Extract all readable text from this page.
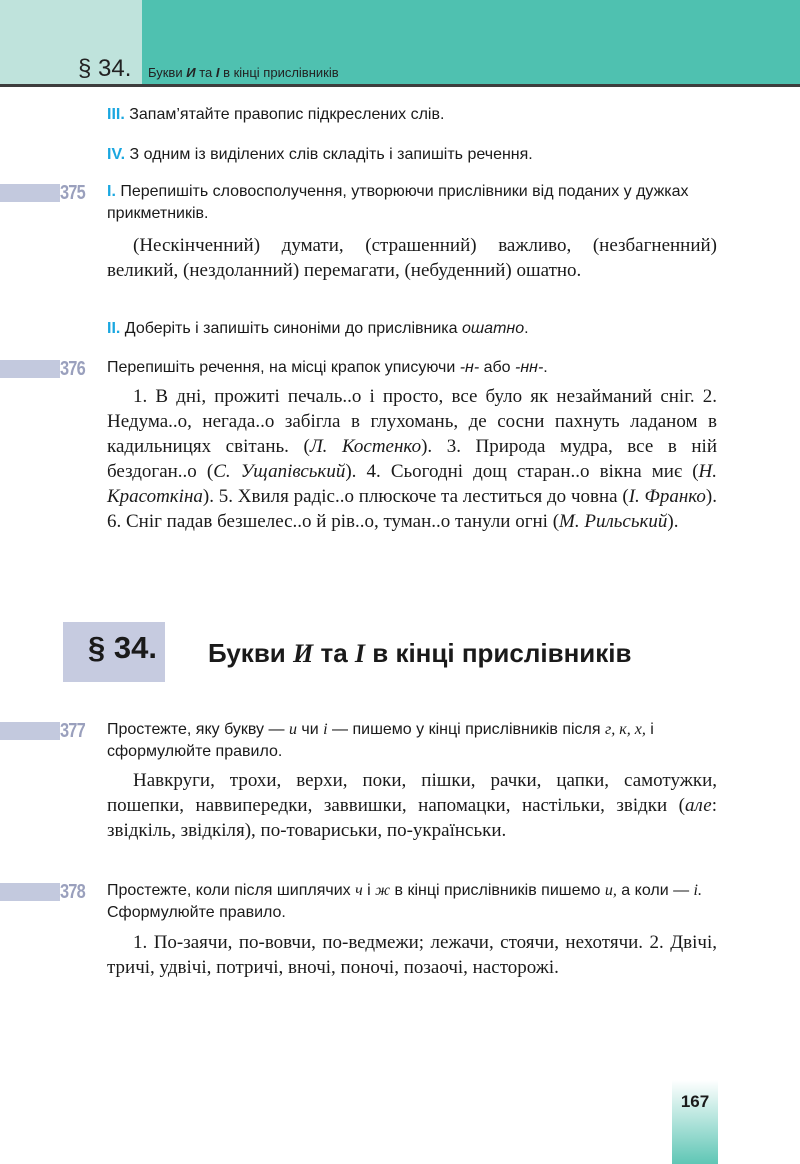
§ 34. Букви И та І в кінці прислівників

III. Запам’ятайте правопис підкреслених слів.

IV. З одним із виділених слів складіть і запишіть речення.

375 І. Перепишіть словосполучення, утворюючи прислівники від поданих у дужках прикметників.

(Нескінченний) думати, (страшенний) важливо, (незбагненний) великий, (нездоланний) перемагати, (небуденний) ошатно.

ІІ. Доберіть і запишіть синоніми до прислівника ошатно.

376 Перепишіть речення, на місці крапок уписуючи -н- або -нн-.

1. В дні, прожиті печаль..о і просто, все було як незайманий сніг. 2. Недума..о, негада..о забігла в глухомань, де сосни пахнуть ладаном в кадильницях світань. (Л. Костенко). 3. Природа мудра, все в ній бездоган..о (С. Ущапівський). 4. Сьогодні дощ старан..о вікна миє (Н. Красоткіна). 5. Хвиля радіс..о плюскоче та леститься до човна (І. Франко). 6. Сніг падав безшелес..о й рів..о, туман..о танули огні (М. Рильський).

§ 34. Букви И та І в кінці прислівників
377 Простежте, яку букву — и чи і — пишемо у кінці прислівників після г, к, х, і сформулюйте правило.

Навкруги, трохи, верхи, поки, пішки, рачки, цапки, самотужки, пошепки, наввипередки, заввишки, напомацки, настільки, звідки (але: звідкіль, звідкіля), по-товариськи, по-українськи.

378 Простежте, коли після шиплячих ч і ж в кінці прислівників пишемо и, а коли — і. Сформулюйте правило.

1. По-заячи, по-вовчи, по-ведмежи; лежачи, стоячи, нехотячи. 2. Двічі, тричі, удвічі, потричі, вночі, поночі, позаочі, насторожі.

167
